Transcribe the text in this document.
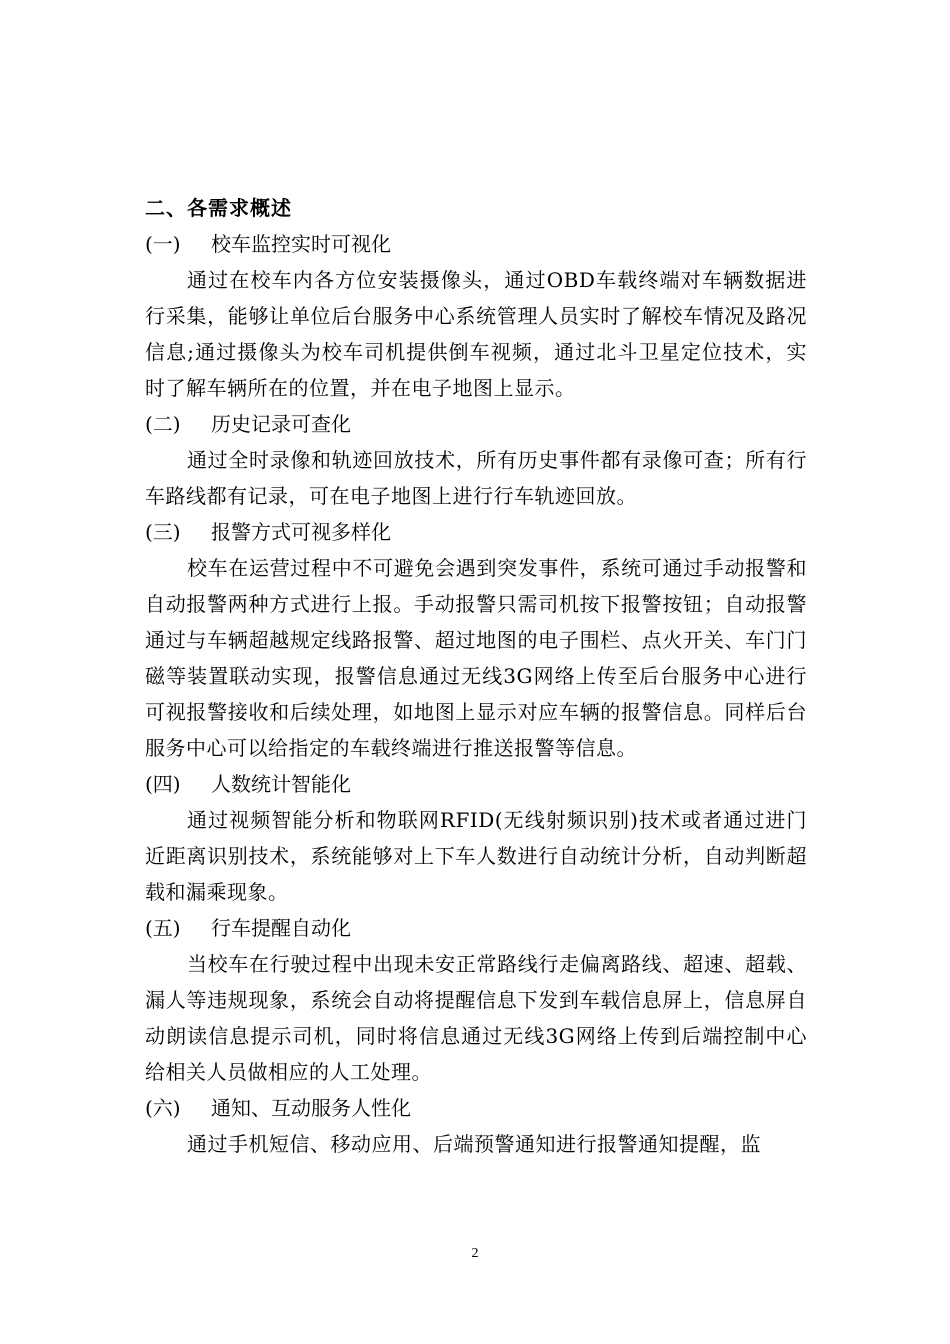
二、各需求概述
(一)	校车监控实时可视化

通过在校车内各方位安装摄像头，通过OBD车载终端对车辆数据进行采集，能够让单位后台服务中心系统管理人员实时了解校车情况及路况信息;通过摄像头为校车司机提供倒车视频，通过北斗卫星定位技术，实时了解车辆所在的位置，并在电子地图上显示。

(二)	历史记录可查化

通过全时录像和轨迹回放技术，所有历史事件都有录像可查；所有行车路线都有记录，可在电子地图上进行行车轨迹回放。

(三)	报警方式可视多样化

校车在运营过程中不可避免会遇到突发事件，系统可通过手动报警和自动报警两种方式进行上报。手动报警只需司机按下报警按钮；自动报警通过与车辆超越规定线路报警、超过地图的电子围栏、点火开关、车门门磁等装置联动实现，报警信息通过无线3G网络上传至后台服务中心进行可视报警接收和后续处理，如地图上显示对应车辆的报警信息。同样后台服务中心可以给指定的车载终端进行推送报警等信息。

(四)	人数统计智能化

通过视频智能分析和物联网RFID(无线射频识别)技术或者通过进门近距离识别技术，系统能够对上下车人数进行自动统计分析，自动判断超载和漏乘现象。

(五)	行车提醒自动化

当校车在行驶过程中出现未安正常路线行走偏离路线、超速、超载、漏人等违规现象，系统会自动将提醒信息下发到车载信息屏上，信息屏自动朗读信息提示司机，同时将信息通过无线3G网络上传到后端控制中心给相关人员做相应的人工处理。

(六)	通知、互动服务人性化

通过手机短信、移动应用、后端预警通知进行报警通知提醒，监

2
